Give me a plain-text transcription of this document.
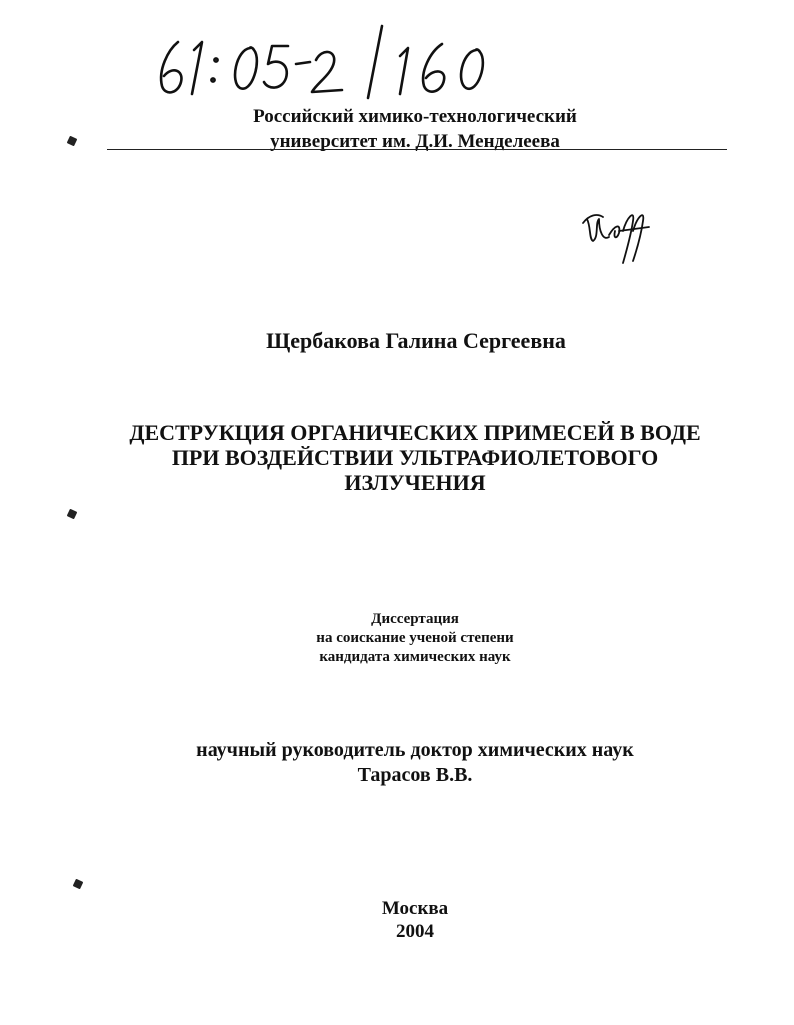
Российский химико-технологический
университет им. Д.И. Менделеева
Щербакова Галина Сергеевна
ДЕСТРУКЦИЯ ОРГАНИЧЕСКИХ ПРИМЕСЕЙ В ВОДЕ
ПРИ ВОЗДЕЙСТВИИ УЛЬТРАФИОЛЕТОВОГО
ИЗЛУЧЕНИЯ
Диссертация
на соискание ученой степени
кандидата химических наук
научный руководитель доктор химических наук
Тарасов В.В.
Москва
2004
